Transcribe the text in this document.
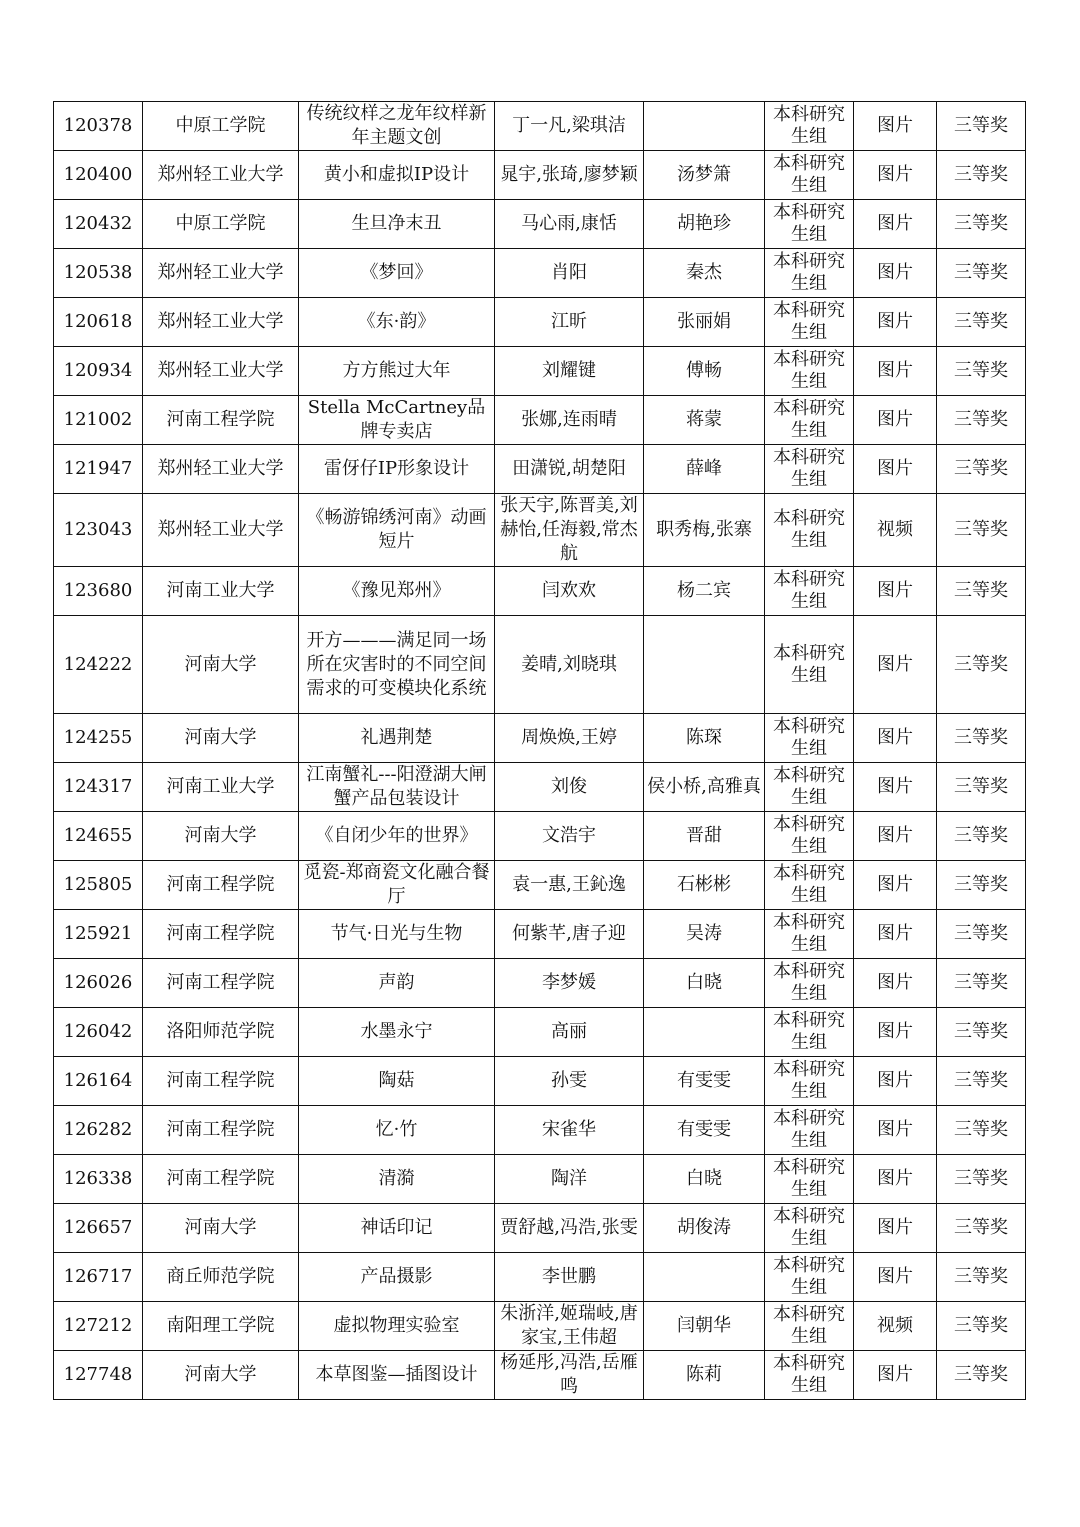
120378	中原工学院	传统纹样之龙年纹样新年主题文创	丁一凡,梁琪洁		本科研究生组	图片	三等奖
120400	郑州轻工业大学	黄小和虚拟IP设计	晁宇,张琦,廖梦颖	汤梦箫	本科研究生组	图片	三等奖
120432	中原工学院	生旦净末丑	马心雨,康恬	胡艳珍	本科研究生组	图片	三等奖
120538	郑州轻工业大学	《梦回》	肖阳	秦杰	本科研究生组	图片	三等奖
120618	郑州轻工业大学	《东·韵》	江昕	张丽娟	本科研究生组	图片	三等奖
120934	郑州轻工业大学	方方熊过大年	刘耀键	傅畅	本科研究生组	图片	三等奖
121002	河南工程学院	Stella McCartney品牌专卖店	张娜,连雨晴	蒋蒙	本科研究生组	图片	三等奖
121947	郑州轻工业大学	雷伢仔IP形象设计	田潇锐,胡楚阳	薛峰	本科研究生组	图片	三等奖
123043	郑州轻工业大学	《畅游锦绣河南》动画短片	张天宇,陈晋美,刘赫怡,任海毅,常杰航	职秀梅,张寨	本科研究生组	视频	三等奖
123680	河南工业大学	《豫见郑州》	闫欢欢	杨二宾	本科研究生组	图片	三等奖
124222	河南大学	开方———满足同一场所在灾害时的不同空间需求的可变模块化系统	姜晴,刘晓琪		本科研究生组	图片	三等奖
124255	河南大学	礼遇荆楚	周焕焕,王婷	陈琛	本科研究生组	图片	三等奖
124317	河南工业大学	江南蟹礼---阳澄湖大闸蟹产品包装设计	刘俊	侯小桥,高雅真	本科研究生组	图片	三等奖
124655	河南大学	《自闭少年的世界》	文浩宇	晋甜	本科研究生组	图片	三等奖
125805	河南工程学院	觅瓷-郑商瓷文化融合餐厅	袁一惠,王鈊逸	石彬彬	本科研究生组	图片	三等奖
125921	河南工程学院	节气·日光与生物	何紫芊,唐子迎	吴涛	本科研究生组	图片	三等奖
126026	河南工程学院	声韵	李梦媛	白晓	本科研究生组	图片	三等奖
126042	洛阳师范学院	水墨永宁	高丽		本科研究生组	图片	三等奖
126164	河南工程学院	陶菇	孙雯	有雯雯	本科研究生组	图片	三等奖
126282	河南工程学院	忆·竹	宋雀华	有雯雯	本科研究生组	图片	三等奖
126338	河南工程学院	清漪	陶洋	白晓	本科研究生组	图片	三等奖
126657	河南大学	神话印记	贾舒越,冯浩,张雯	胡俊涛	本科研究生组	图片	三等奖
126717	商丘师范学院	产品摄影	李世鹏		本科研究生组	图片	三等奖
127212	南阳理工学院	虚拟物理实验室	朱浙洋,姬瑞岐,唐家宝,王伟超	闫朝华	本科研究生组	视频	三等奖
127748	河南大学	本草图鉴—插图设计	杨延彤,冯浩,岳雁鸣	陈莉	本科研究生组	图片	三等奖
